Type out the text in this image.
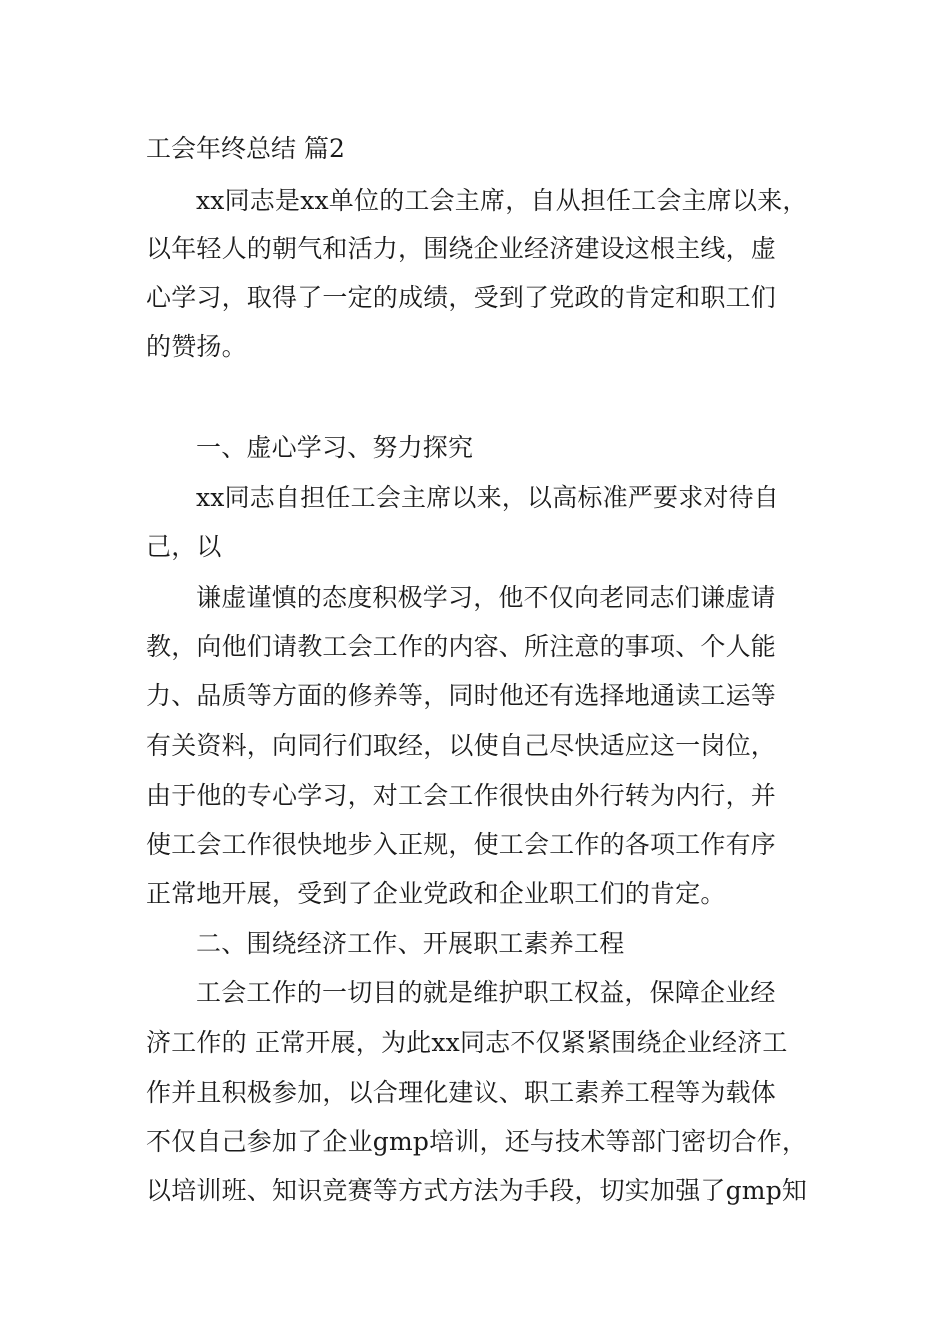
工会年终总结 篇2
xx同志是xx单位的工会主席，自从担任工会主席以来，
以年轻人的朝气和活力，围绕企业经济建设这根主线，虚
心学习，取得了一定的成绩，受到了党政的肯定和职工们
的赞扬。
一、虚心学习、努力探究
xx同志自担任工会主席以来，以高标准严要求对待自
己，以
谦虚谨慎的态度积极学习，他不仅向老同志们谦虚请
教，向他们请教工会工作的内容、所注意的事项、个人能
力、品质等方面的修养等，同时他还有选择地通读工运等
有关资料，向同行们取经，以使自己尽快适应这一岗位，
由于他的专心学习，对工会工作很快由外行转为内行，并
使工会工作很快地步入正规，使工会工作的各项工作有序
正常地开展，受到了企业党政和企业职工们的肯定。
二、围绕经济工作、开展职工素养工程
工会工作的一切目的就是维护职工权益，保障企业经
济工作的 正常开展，为此xx同志不仅紧紧围绕企业经济工
作并且积极参加，以合理化建议、职工素养工程等为载体
不仅自己参加了企业gmp培训，还与技术等部门密切合作，
以培训班、知识竞赛等方式方法为手段，切实加强了gmp知
